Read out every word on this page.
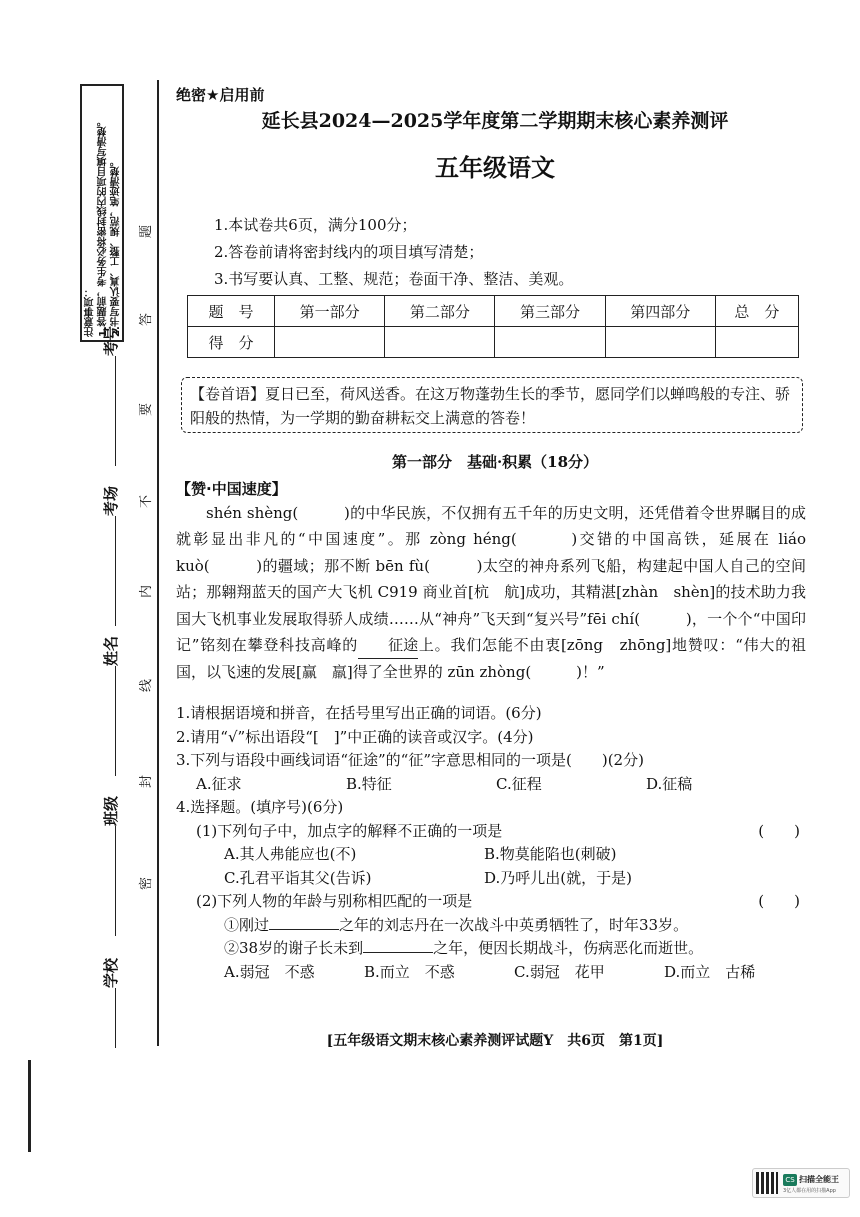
注意事项： 1.答题前，考生务必将密封线内的项目填写清楚。 2.书写要认真、工整、规范，笔迹清楚。	题
答
要
不
内
线
封
密
考号
考场
姓名
班级
学校
绝密★启用前
延长县2024—2025学年度第二学期期末核心素养测评
五年级语文
1.本试卷共6页，满分100分；
2.答卷前请将密封线内的项目填写清楚；
3.书写要认真、工整、规范；卷面干净、整洁、美观。
题　号	第一部分	第二部分	第三部分	第四部分	总　分
得　分					
【卷首语】夏日已至，荷风送香。在这万物蓬勃生长的季节，愿同学们以蝉鸣般的专注、骄阳般的热情，为一学期的勤奋耕耘交上满意的答卷！
第一部分　基础·积累（18分）
【赞·中国速度】

shén shèng(　　　)的中华民族，不仅拥有五千年的历史文明，还凭借着令世界瞩目的成就彰显出非凡的“中国速度”。那 zòng héng(　　　)交错的中国高铁，延展在 liáo kuò(　　　)的疆域；那不断 bēn fù(　　　)太空的神舟系列飞船，构建起中国人自己的空间站；那翱翔蓝天的国产大飞机 C919 商业首[杭　航]成功，其精湛[zhàn　shèn]的技术助力我国大飞机事业发展取得骄人成绩……从“神舟”飞天到“复兴号”fēi chí(　　　)，一个个“中国印记”铭刻在攀登科技高峰的 征途上。我们怎能不由衷[zōng　zhōng]地赞叹：“伟大的祖国，以飞速的发展[赢　羸]得了全世界的 zūn zhòng(　　　)！”

1.请根据语境和拼音，在括号里写出正确的词语。(6分)
2.请用“√”标出语段“[　]”中正确的读音或汉字。(4分)
3.下列与语段中画线词语“征途”的“征”字意思相同的一项是(　　)(2分)
A.征求	B.特征	C.征程	D.征稿
4.选择题。(填序号)(6分)
(1)下列句子中，加点字的解释不正确的一项是	(　　)
A.其人弗能应也(不)	B.物莫能陷也(刺破)
C.孔君平诣其父(告诉)	D.乃呼儿出(就，于是)
(2)下列人物的年龄与别称相匹配的一项是	(　　)
①刚过	之年的刘志丹在一次战斗中英勇牺牲了，时年33岁。
②38岁的谢子长未到	之年，便因长期战斗，伤病恶化而逝世。
A.弱冠　不惑	B.而立　不惑	C.弱冠　花甲	D.而立　古稀
[五年级语文期末核心素养测评试题Y　共6页　第1页]
CS 扫描全能王
3亿人都在用的扫描App
